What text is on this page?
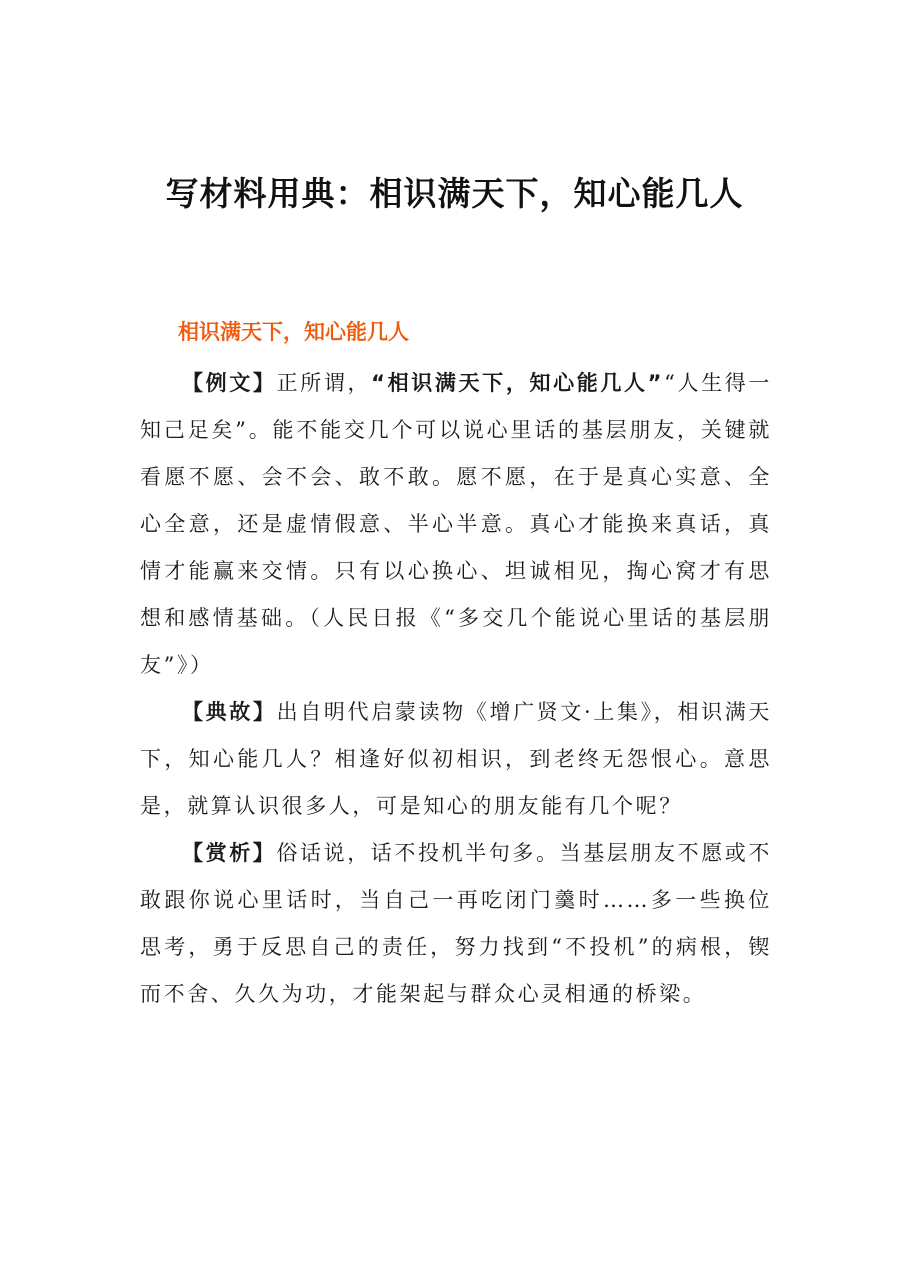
写材料用典：相识满天下，知心能几人
相识满天下，知心能几人

【例文】正所谓，“相识满天下，知心能几人”“人生得一知己足矣”。能不能交几个可以说心里话的基层朋友，关键就看愿不愿、会不会、敢不敢。愿不愿，在于是真心实意、全心全意，还是虚情假意、半心半意。真心才能换来真话，真情才能赢来交情。只有以心换心、坦诚相见，掏心窝才有思想和感情基础。（人民日报《“多交几个能说心里话的基层朋友”》）

【典故】出自明代启蒙读物《增广贤文·上集》，相识满天下，知心能几人？相逢好似初相识，到老终无怨恨心。意思是，就算认识很多人，可是知心的朋友能有几个呢？

【赏析】俗话说，话不投机半句多。当基层朋友不愿或不敢跟你说心里话时，当自己一再吃闭门羹时……多一些换位思考，勇于反思自己的责任，努力找到“不投机”的病根，锲而不舍、久久为功，才能架起与群众心灵相通的桥梁。
